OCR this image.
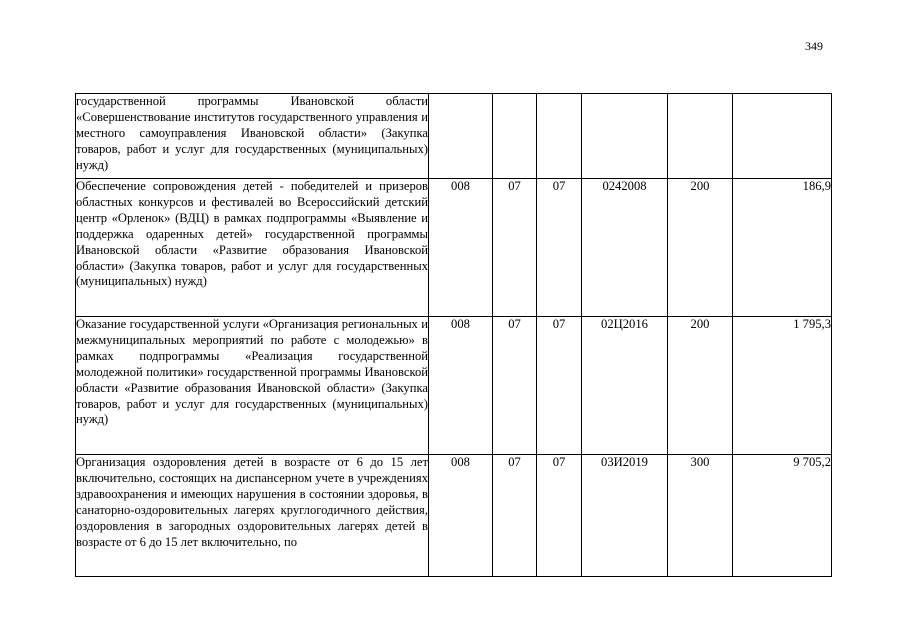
349
государственной программы Ивановской области «Совершенствование институтов государственного управления и местного самоуправления Ивановской области» (Закупка товаров, работ и услуг для государственных (муниципальных) нужд)						
Обеспечение сопровождения детей - победителей и призеров областных конкурсов и фестивалей во Всероссийский детский центр «Орленок» (ВДЦ) в рамках подпрограммы «Выявление и поддержка одаренных детей» государственной программы Ивановской области «Развитие образования Ивановской области» (Закупка товаров, работ и услуг для государственных (муниципальных) нужд)	008	07	07	0242008	200	186,9
Оказание государственной услуги «Организация региональных и межмуниципальных мероприятий по работе с молодежью» в рамках подпрограммы «Реализация государственной молодежной политики» государственной программы Ивановской области «Развитие образования Ивановской области» (Закупка товаров, работ и услуг для государственных (муниципальных) нужд)	008	07	07	02Ц2016	200	1 795,3
Организация оздоровления детей в возрасте от 6 до 15 лет включительно, состоящих на диспансерном учете в учреждениях здравоохранения и имеющих нарушения в состоянии здоровья, в санаторно-оздоровительных лагерях круглогодичного действия, оздоровления в загородных оздоровительных лагерях детей в возрасте от 6 до 15 лет включительно, по	008	07	07	03И2019	300	9 705,2
